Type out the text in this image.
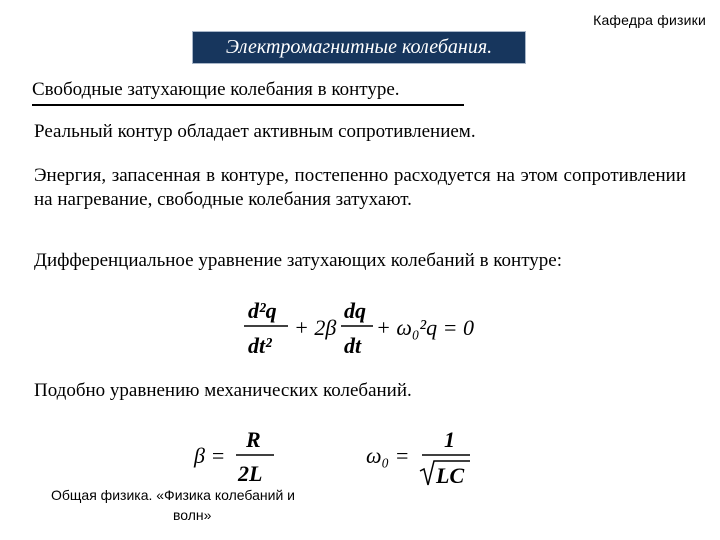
Кафедра физики
Электромагнитные колебания.
Свободные затухающие колебания в контуре.
Реальный контур обладает активным сопротивлением.
Энергия, запасенная в контуре, постепенно расходуется на этом сопротивлении на нагревание, свободные колебания затухают.
Дифференциальное уравнение затухающих колебаний в контуре:
d²q
dt²
+ 2β
dq
dt
+ ω₀²q = 0
Подобно уравнению механических колебаний.
β =
R
2L
ω₀ =
1
LC
Общая физика. «Физика колебаний и
волн»
